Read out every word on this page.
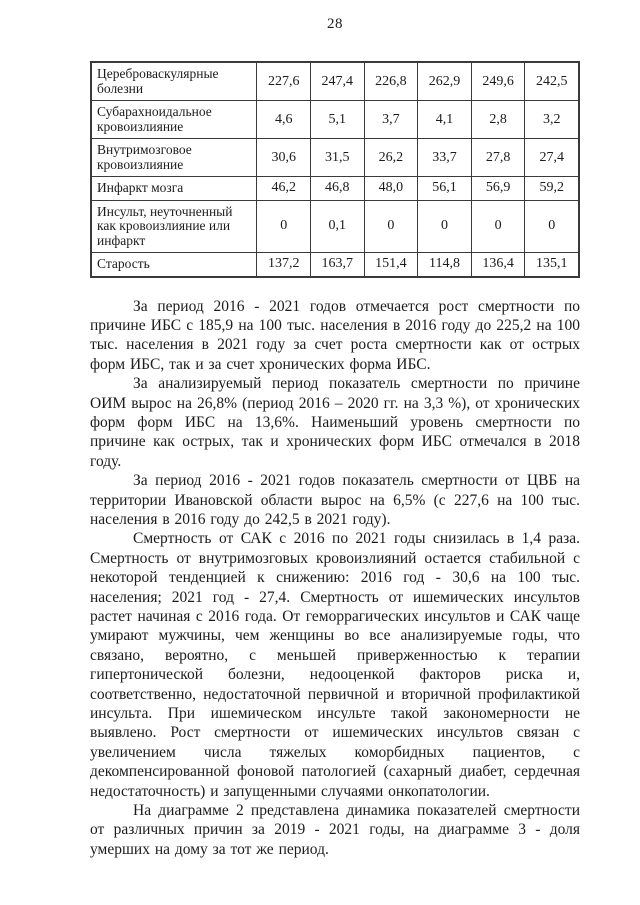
28
Цереброваскулярные болезни	227,6	247,4	226,8	262,9	249,6	242,5
Субарахноидальное кровоизлияние	4,6	5,1	3,7	4,1	2,8	3,2
Внутримозговое кровоизлияние	30,6	31,5	26,2	33,7	27,8	27,4
Инфаркт мозга	46,2	46,8	48,0	56,1	56,9	59,2
Инсульт, неуточненный как кровоизлияние или инфаркт	0	0,1	0	0	0	0
Старость	137,2	163,7	151,4	114,8	136,4	135,1

За период 2016 - 2021 годов отмечается рост смертности по причине ИБС с 185,9 на 100 тыс. населения в 2016 году до 225,2 на 100 тыс. населения в 2021 году за счет роста смертности как от острых форм ИБС, так и за счет хронических форма ИБС.

За анализируемый период показатель смертности по причине ОИМ вырос на 26,8% (период 2016 – 2020 гг. на 3,3 %), от хронических форм форм ИБС на 13,6%. Наименьший уровень смертности по причине как острых, так и хронических форм ИБС отмечался в 2018 году.

За период 2016 - 2021 годов показатель смертности от ЦВБ на территории Ивановской области вырос на 6,5% (с 227,6 на 100 тыс. населения в 2016 году до 242,5 в 2021 году).

Смертность от САК с 2016 по 2021 годы снизилась в 1,4 раза. Смертность от внутримозговых кровоизлияний остается стабильной с некоторой тенденцией к снижению: 2016 год - 30,6 на 100 тыс. населения; 2021 год - 27,4. Смертность от ишемических инсультов растет начиная с 2016 года. От геморрагических инсультов и САК чаще умирают мужчины, чем женщины во все анализируемые годы, что связано, вероятно, с меньшей приверженностью к терапии гипертонической болезни, недооценкой факторов риска и, соответственно, недостаточной первичной и вторичной профилактикой инсульта. При ишемическом инсульте такой закономерности не выявлено. Рост смертности от ишемических инсультов связан с увеличением числа тяжелых коморбидных пациентов, с декомпенсированной фоновой патологией (сахарный диабет, сердечная недостаточность) и запущенными случаями онкопатологии.

На диаграмме 2 представлена динамика показателей смертности от различных причин за 2019 - 2021 годы, на диаграмме 3 - доля умерших на дому за тот же период.
